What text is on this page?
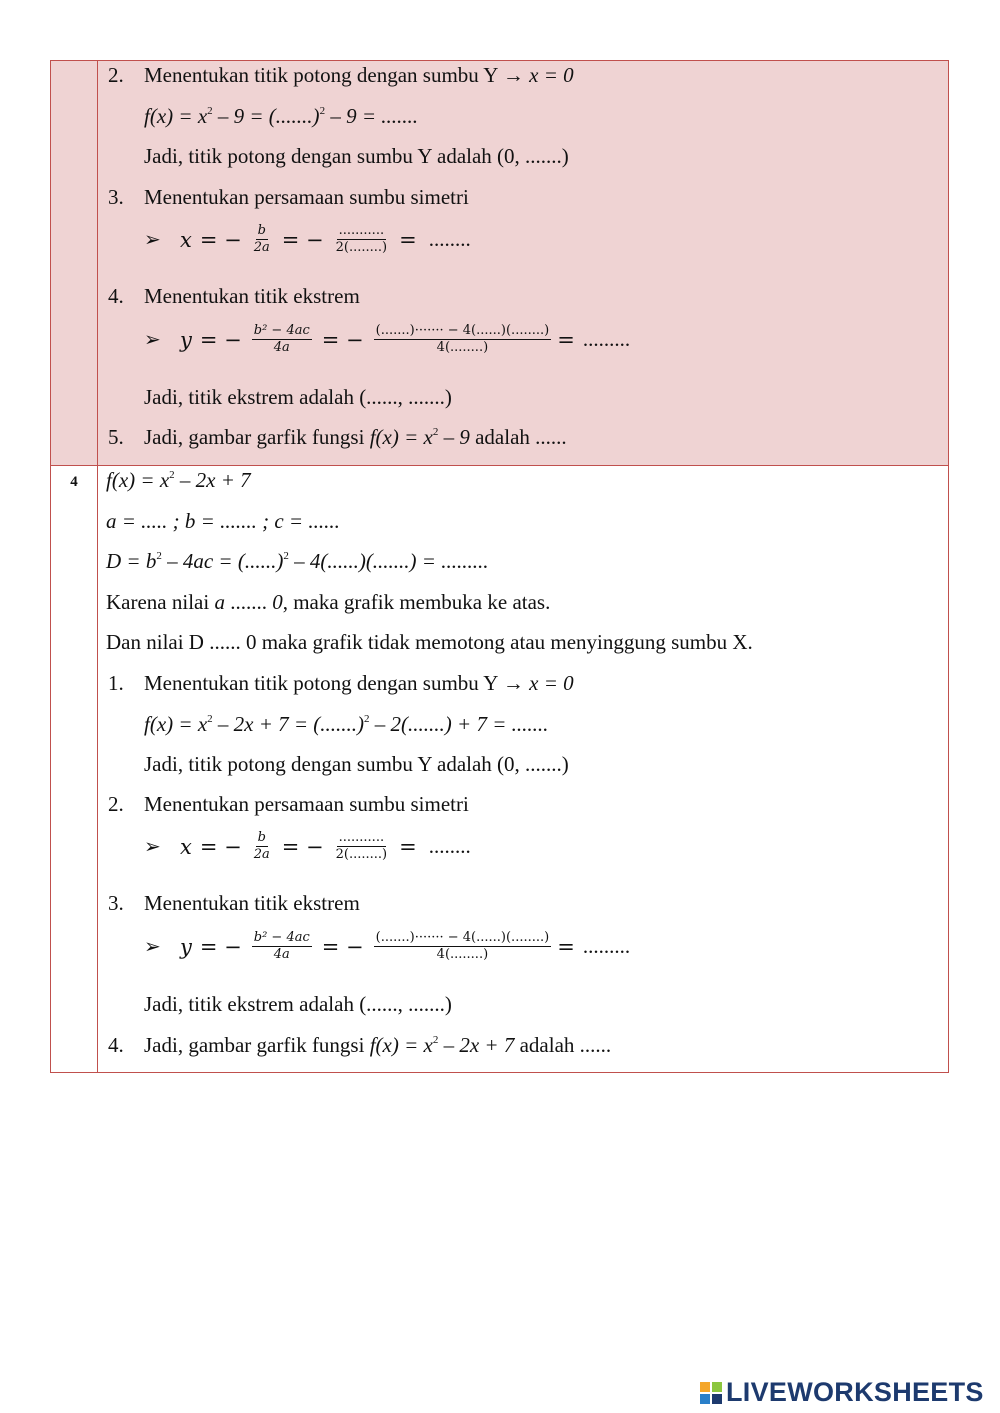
2. Menentukan titik potong dengan sumbu Y → x = 0
$f(x) = x^2 - 9 = (.......)^2 - 9$ = .......
Jadi, titik potong dengan sumbu Y adalah (0, .......)
3. Menentukan persamaan sumbu simetri
➢ x = − $\frac{b}{2a}$ = − $\frac{...........}{2(........)}$ = ........
4. Menentukan titik ekstrem
➢ y = − $\frac{\text{b² − 4ac}}{4a}$ = − $\frac{(.......)\cdot\cdot\cdot\cdot\cdot\cdot\cdot - 4(......)(........)}{4(........)}$ = .........
Jadi, titik ekstrem adalah (......, .......)
5. Jadi, gambar garfik fungsi $f(x) = x^2 - 9$ adalah ......
4	$f(x) = x^2 - 2x + 7$
a = ..... ; b = ....... ; c = ......
$D = b^2 - 4ac = (......)^2 - 4(......)(.......)$ = .........
Karena nilai a ....... 0, maka grafik membuka ke atas.
Dan nilai D ...... 0 maka grafik tidak memotong atau menyinggung sumbu X.
1. Menentukan titik potong dengan sumbu Y → x = 0
$f(x) = x^2 - 2x + 7 = (.......)^2 - 2(.......) + 7$ = .......
Jadi, titik potong dengan sumbu Y adalah (0, .......)
2. Menentukan persamaan sumbu simetri
➢ x = − $\frac{b}{2a}$ = − $\frac{...........}{2(........)}$ = ........
3. Menentukan titik ekstrem
➢ y = − $\frac{\text{b² − 4ac}}{4a}$ = − $\frac{(.......)\cdot\cdot\cdot\cdot\cdot\cdot\cdot - 4(......)(........)}{4(........)}$ = .........
Jadi, titik ekstrem adalah (......, .......)
4. Jadi, gambar garfik fungsi $f(x) = x^2 - 2x + 7$ adalah ......
LIVEWORKSHEETS
